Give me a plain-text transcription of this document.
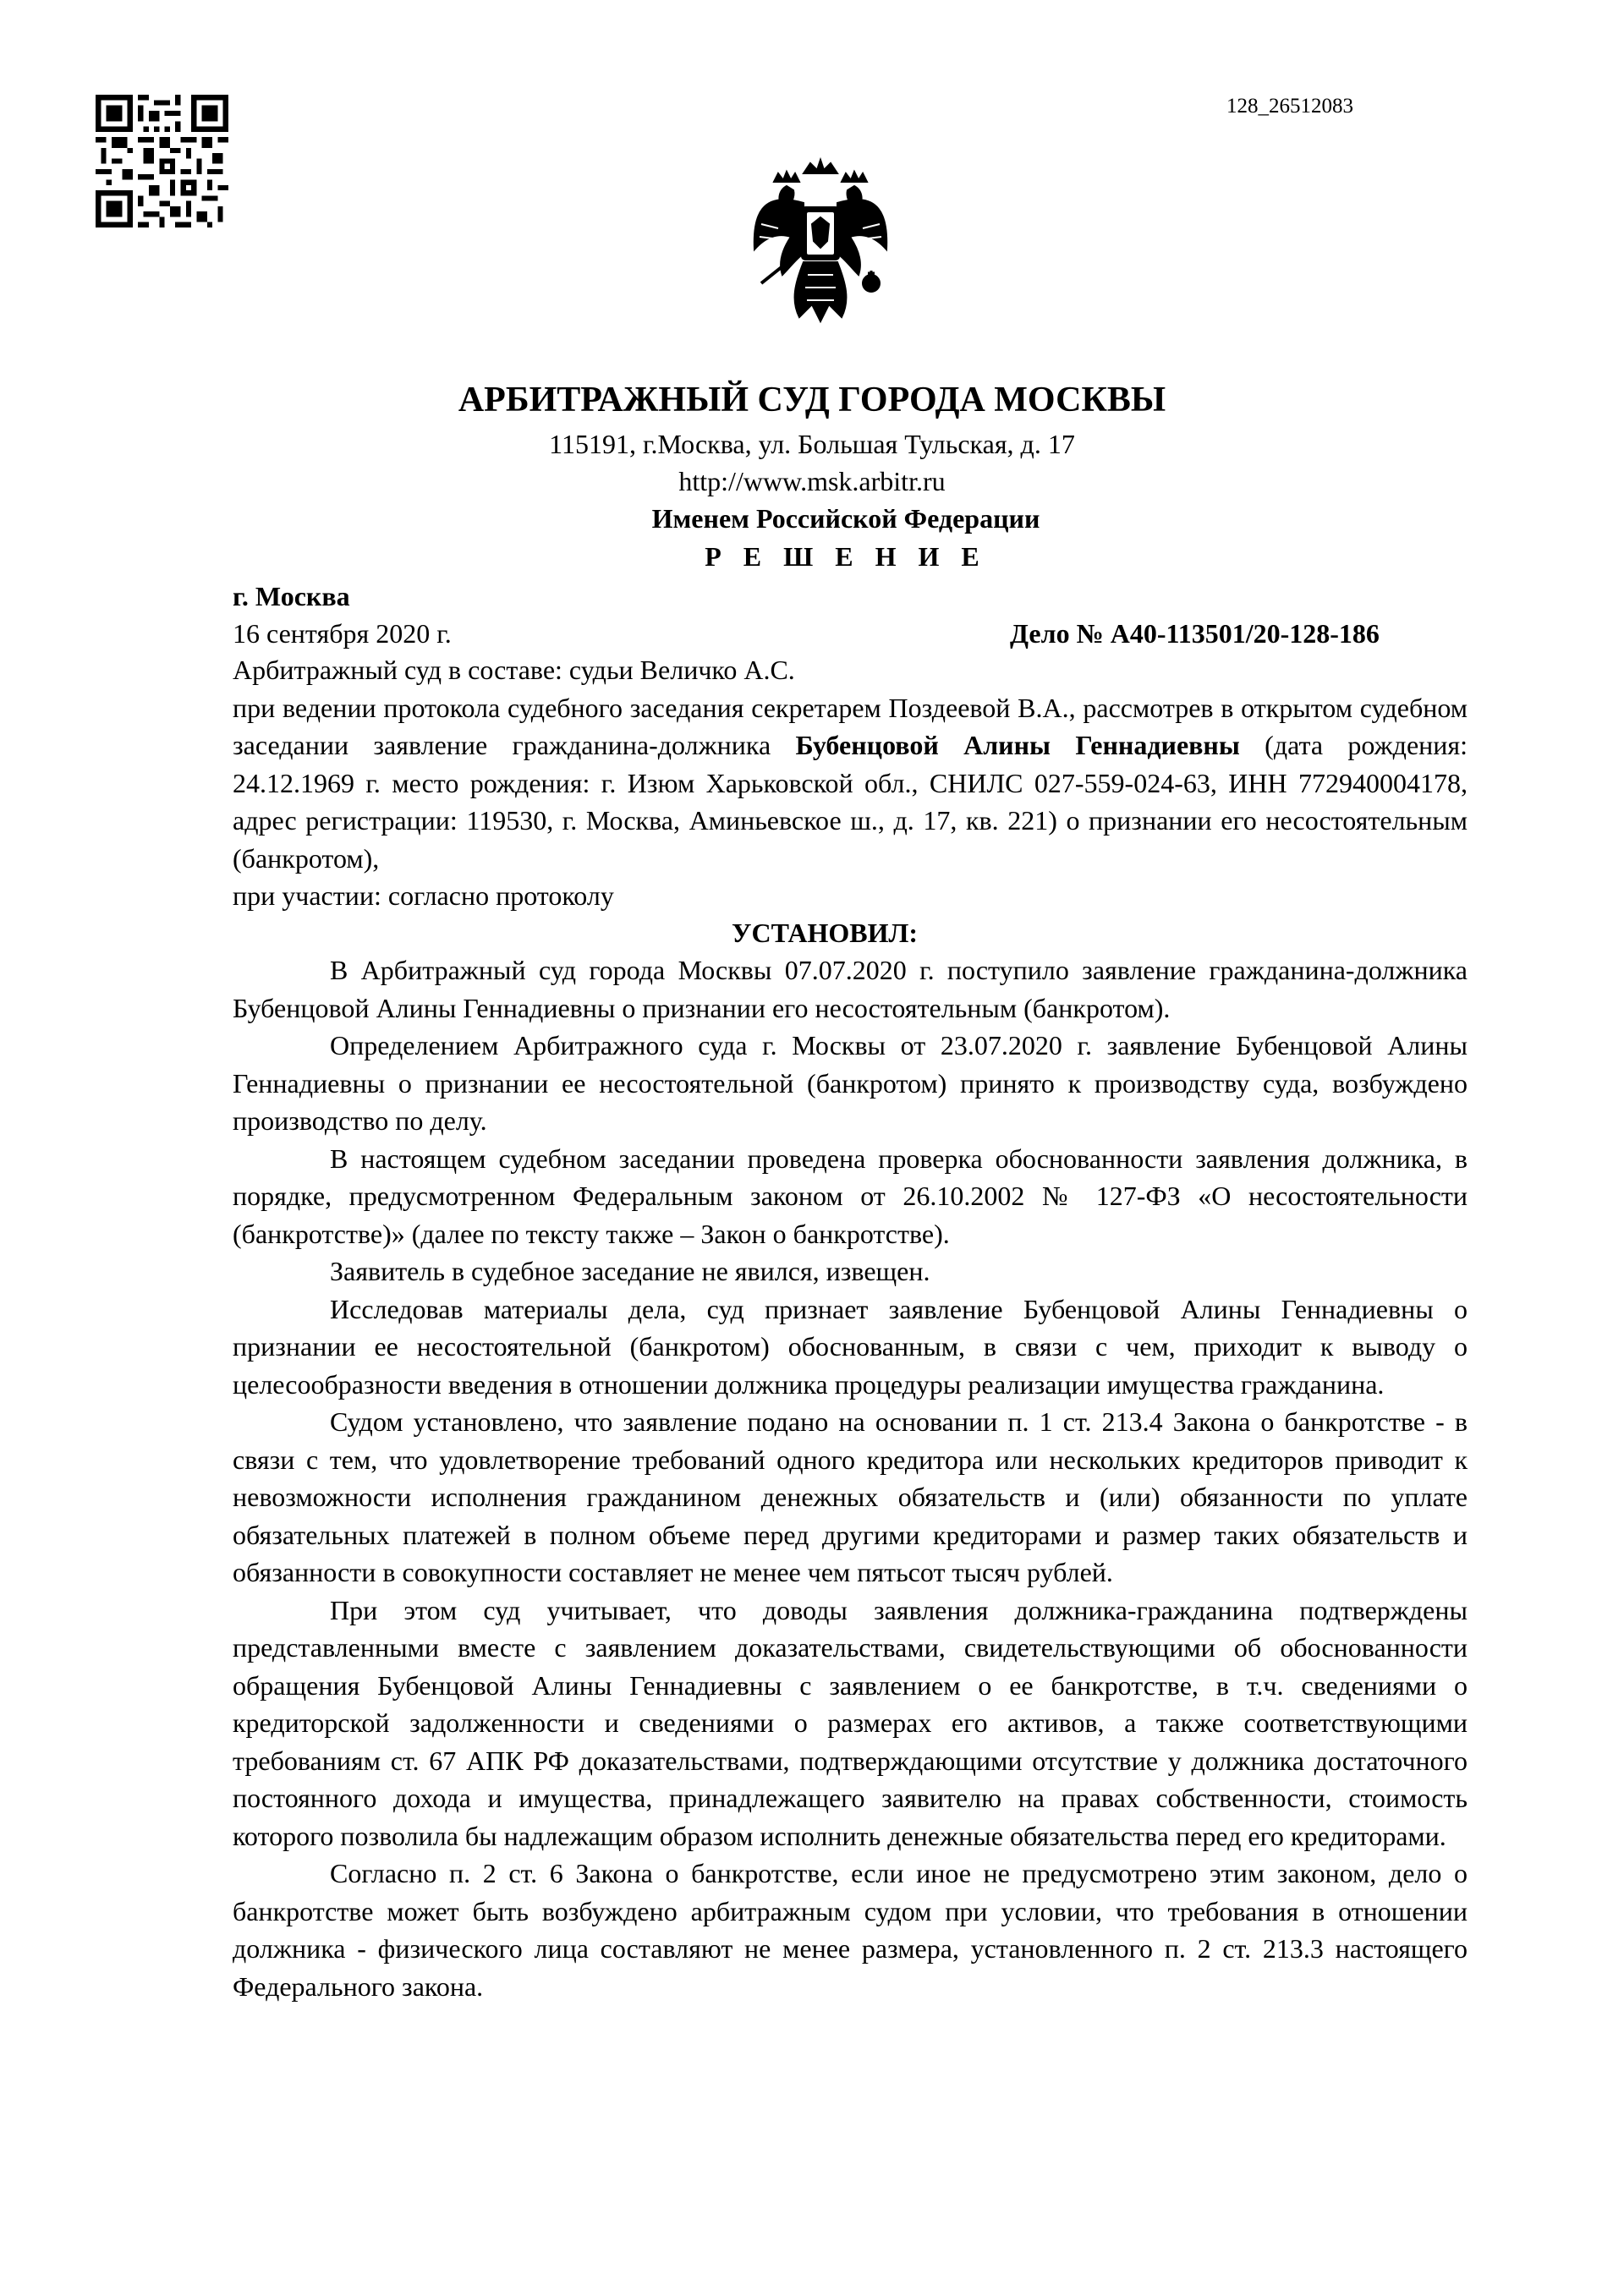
128_26512083
АРБИТРАЖНЫЙ СУД ГОРОДА МОСКВЫ
115191, г.Москва, ул. Большая Тульская, д. 17
http://www.msk.arbitr.ru
Именем Российской Федерации
Р Е Ш Е Н И Е
г. Москва
16 сентября 2020 г.	Дело № А40-113501/20-128-186

Арбитражный суд в составе: судьи Величко А.С.

при ведении протокола судебного заседания секретарем Поздеевой В.А., рассмотрев в открытом судебном заседании заявление гражданина-должника Бубенцовой Алины Геннадиевны (дата рождения: 24.12.1969 г. место рождения: г. Изюм Харьковской обл., СНИЛС 027-559-024-63, ИНН 772940004178, адрес регистрации: 119530, г. Москва, Аминьевское ш., д. 17, кв. 221) о признании его несостоятельным (банкротом),

при участии: согласно протоколу

УСТАНОВИЛ:

В Арбитражный суд города Москвы 07.07.2020 г. поступило заявление гражданина-должника Бубенцовой Алины Геннадиевны о признании его несостоятельным (банкротом).

Определением Арбитражного суда г. Москвы от 23.07.2020 г. заявление Бубенцовой Алины Геннадиевны о признании ее несостоятельной (банкротом) принято к производству суда, возбуждено производство по делу.

В настоящем судебном заседании проведена проверка обоснованности заявления должника, в порядке, предусмотренном Федеральным законом от 26.10.2002 № 127-ФЗ «О несостоятельности (банкротстве)» (далее по тексту также – Закон о банкротстве).

Заявитель в судебное заседание не явился, извещен.

Исследовав материалы дела, суд признает заявление Бубенцовой Алины Геннадиевны о признании ее несостоятельной (банкротом) обоснованным, в связи с чем, приходит к выводу о целесообразности введения в отношении должника процедуры реализации имущества гражданина.

Судом установлено, что заявление подано на основании п. 1 ст. 213.4 Закона о банкротстве - в связи с тем, что удовлетворение требований одного кредитора или нескольких кредиторов приводит к невозможности исполнения гражданином денежных обязательств и (или) обязанности по уплате обязательных платежей в полном объеме перед другими кредиторами и размер таких обязательств и обязанности в совокупности составляет не менее чем пятьсот тысяч рублей.

При этом суд учитывает, что доводы заявления должника-гражданина подтверждены представленными вместе с заявлением доказательствами, свидетельствующими об обоснованности обращения Бубенцовой Алины Геннадиевны с заявлением о ее банкротстве, в т.ч. сведениями о кредиторской задолженности и сведениями о размерах его активов, а также соответствующими требованиям ст. 67 АПК РФ доказательствами, подтверждающими отсутствие у должника достаточного постоянного дохода и имущества, принадлежащего заявителю на правах собственности, стоимость которого позволила бы надлежащим образом исполнить денежные обязательства перед его кредиторами.

Согласно п. 2 ст. 6 Закона о банкротстве, если иное не предусмотрено этим законом, дело о банкротстве может быть возбуждено арбитражным судом при условии, что требования в отношении должника - физического лица составляют не менее размера, установленного п. 2 ст. 213.3 настоящего Федерального закона.
